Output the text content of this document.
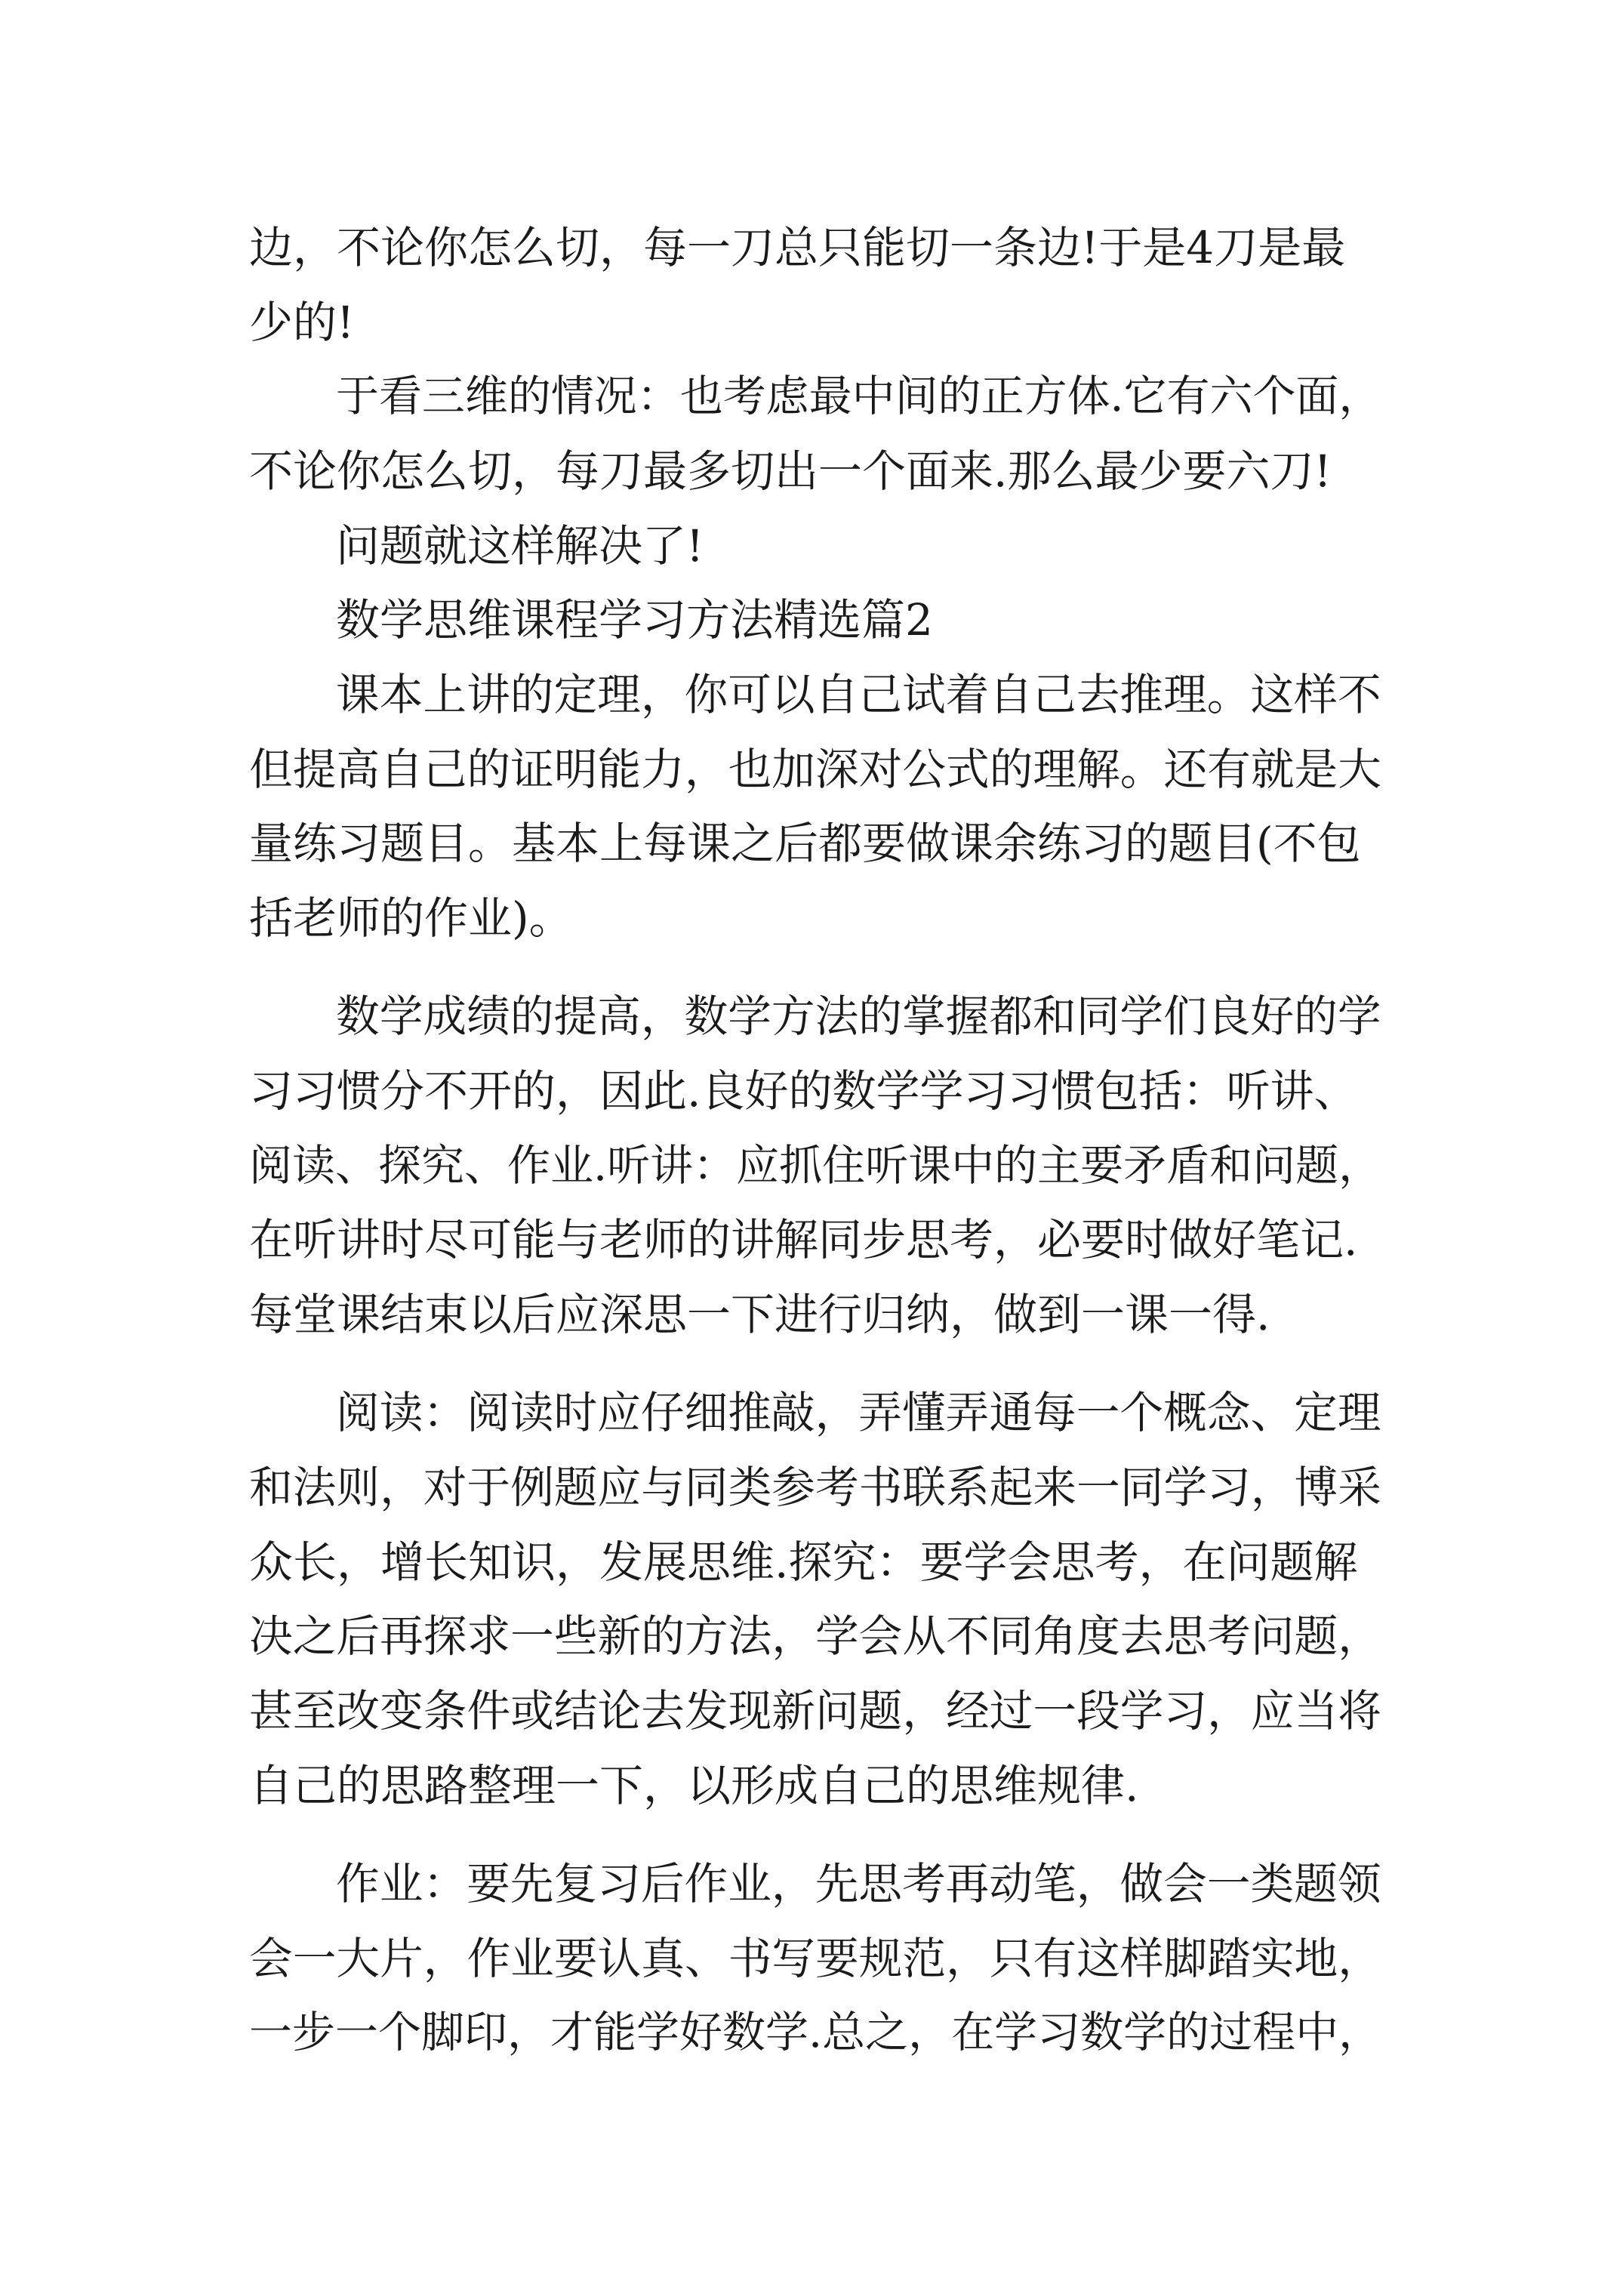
边，不论你怎么切，每一刀总只能切一条边!于是4刀是最

少的!

于看三维的情况：也考虑最中间的正方体.它有六个面，

不论你怎么切，每刀最多切出一个面来.那么最少要六刀!

问题就这样解决了!

数学思维课程学习方法精选篇2

课本上讲的定理，你可以自己试着自己去推理。这样不

但提高自己的证明能力，也加深对公式的理解。还有就是大

量练习题目。基本上每课之后都要做课余练习的题目(不包

括老师的作业)。

数学成绩的提高，数学方法的掌握都和同学们良好的学

习习惯分不开的，因此.良好的数学学习习惯包括：听讲、

阅读、探究、作业.听讲：应抓住听课中的主要矛盾和问题，

在听讲时尽可能与老师的讲解同步思考，必要时做好笔记.

每堂课结束以后应深思一下进行归纳，做到一课一得.

阅读：阅读时应仔细推敲，弄懂弄通每一个概念、定理

和法则，对于例题应与同类参考书联系起来一同学习，博采

众长，增长知识，发展思维.探究：要学会思考，在问题解

决之后再探求一些新的方法，学会从不同角度去思考问题，

甚至改变条件或结论去发现新问题，经过一段学习，应当将

自己的思路整理一下，以形成自己的思维规律.

作业：要先复习后作业，先思考再动笔，做会一类题领

会一大片，作业要认真、书写要规范，只有这样脚踏实地，

一步一个脚印，才能学好数学.总之，在学习数学的过程中，
